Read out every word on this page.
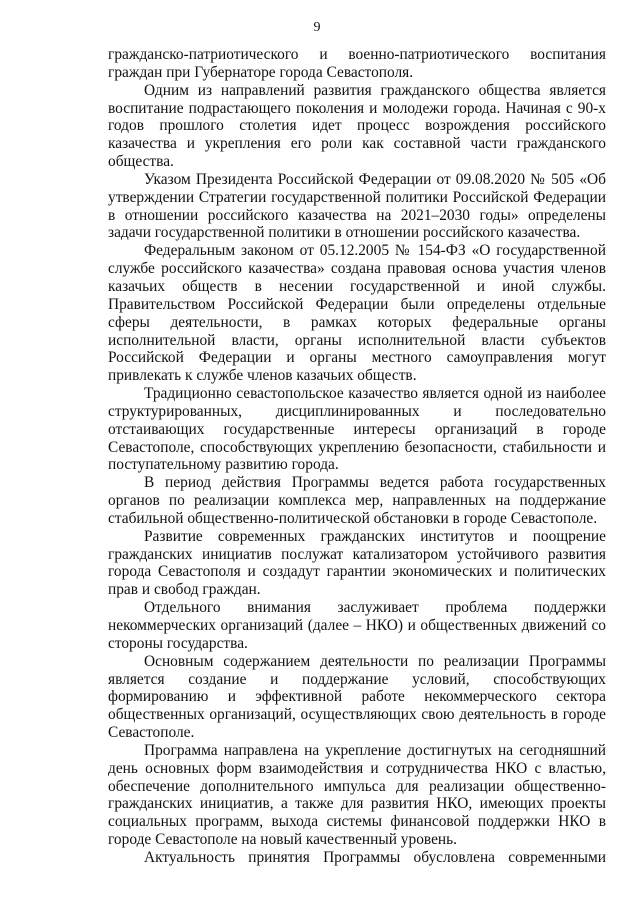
9

гражданско-патриотического и военно-патриотического воспитания граждан при Губернаторе города Севастополя.

Одним из направлений развития гражданского общества является воспитание подрастающего поколения и молодежи города. Начиная с 90-х годов прошлого столетия идет процесс возрождения российского казачества и укрепления его роли как составной части гражданского общества.

Указом Президента Российской Федерации от 09.08.2020 № 505 «Об утверждении Стратегии государственной политики Российской Федерации в отношении российского казачества на 2021–2030 годы» определены задачи государственной политики в отношении российского казачества.

Федеральным законом от 05.12.2005 № 154-ФЗ «О государственной службе российского казачества» создана правовая основа участия членов казачьих обществ в несении государственной и иной службы. Правительством Российской Федерации были определены отдельные сферы деятельности, в рамках которых федеральные органы исполнительной власти, органы исполнительной власти субъектов Российской Федерации и органы местного самоуправления могут привлекать к службе членов казачьих обществ.

Традиционно севастопольское казачество является одной из наиболее структурированных, дисциплинированных и последовательно отстаивающих государственные интересы организаций в городе Севастополе, способствующих укреплению безопасности, стабильности и поступательному развитию города.

В период действия Программы ведется работа государственных органов по реализации комплекса мер, направленных на поддержание стабильной общественно-политической обстановки в городе Севастополе.

Развитие современных гражданских институтов и поощрение гражданских инициатив послужат катализатором устойчивого развития города Севастополя и создадут гарантии экономических и политических прав и свобод граждан.

Отдельного внимания заслуживает проблема поддержки некоммерческих организаций (далее – НКО) и общественных движений со стороны государства.

Основным содержанием деятельности по реализации Программы является создание и поддержание условий, способствующих формированию и эффективной работе некоммерческого сектора общественных организаций, осуществляющих свою деятельность в городе Севастополе.

Программа направлена на укрепление достигнутых на сегодняшний день основных форм взаимодействия и сотрудничества НКО с властью, обеспечение дополнительного импульса для реализации общественно-гражданских инициатив, а также для развития НКО, имеющих проекты социальных программ, выхода системы финансовой поддержки НКО в городе Севастополе на новый качественный уровень.

Актуальность принятия Программы обусловлена современными
